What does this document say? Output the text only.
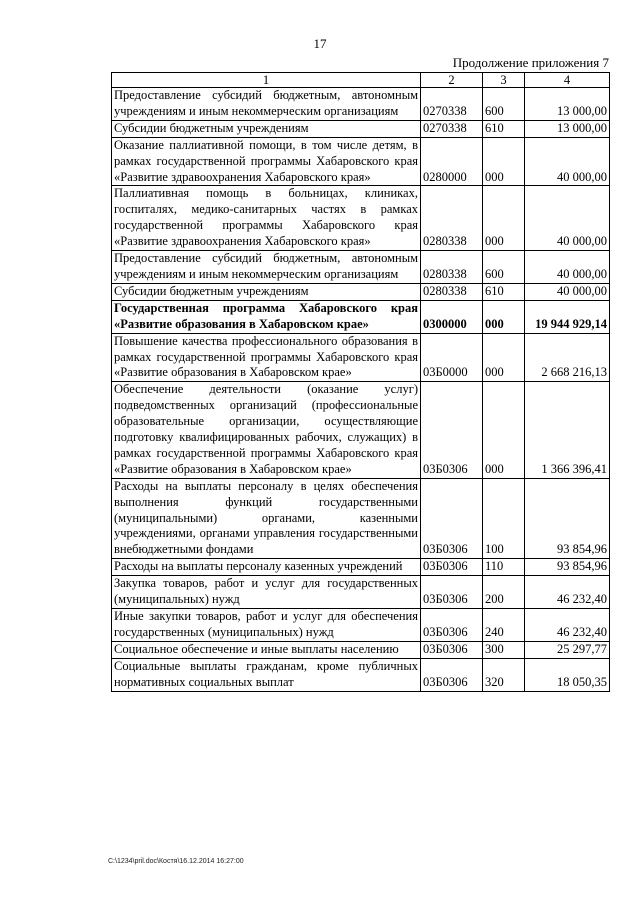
17
Продолжение приложения 7
1	2	3	4
Предоставление субсидий бюджетным, автономным учреждениям и иным некоммерческим организациям	0270338	600	13 000,00
Субсидии бюджетным учреждениям	0270338	610	13 000,00
Оказание паллиативной помощи, в том числе детям, в рамках государственной программы Хабаровского края «Развитие здравоохранения Хабаровского края»	0280000	000	40 000,00
Паллиативная помощь в больницах, клиниках, госпиталях, медико-санитарных частях в рамках государственной программы Хабаровского края «Развитие здравоохранения Хабаровского края»	0280338	000	40 000,00
Предоставление субсидий бюджетным, автономным учреждениям и иным некоммерческим организациям	0280338	600	40 000,00
Субсидии бюджетным учреждениям	0280338	610	40 000,00
Государственная программа Хабаровского края «Развитие образования в Хабаровском крае»	0300000	000	19 944 929,14
Повышение качества профессионального образования в рамках государственной программы Хабаровского края «Развитие образования в Хабаровском крае»	03Б0000	000	2 668 216,13
Обеспечение деятельности (оказание услуг) подведомственных организаций (профессиональные образовательные организации, осуществляющие подготовку квалифицированных рабочих, служащих) в рамках государственной программы Хабаровского края «Развитие образования в Хабаровском крае»	03Б0306	000	1 366 396,41
Расходы на выплаты персоналу в целях обеспечения выполнения функций государственными (муниципальными) органами, казенными учреждениями, органами управления государственными внебюджетными фондами	03Б0306	100	93 854,96
Расходы на выплаты персоналу казенных учреждений	03Б0306	110	93 854,96
Закупка товаров, работ и услуг для государственных (муниципальных) нужд	03Б0306	200	46 232,40
Иные закупки товаров, работ и услуг для обеспечения государственных (муниципальных) нужд	03Б0306	240	46 232,40
Социальное обеспечение и иные выплаты населению	03Б0306	300	25 297,77
Социальные выплаты гражданам, кроме публичных нормативных социальных выплат	03Б0306	320	18 050,35
C:\1234\pril.doc\Костя\16.12.2014 16:27:00
